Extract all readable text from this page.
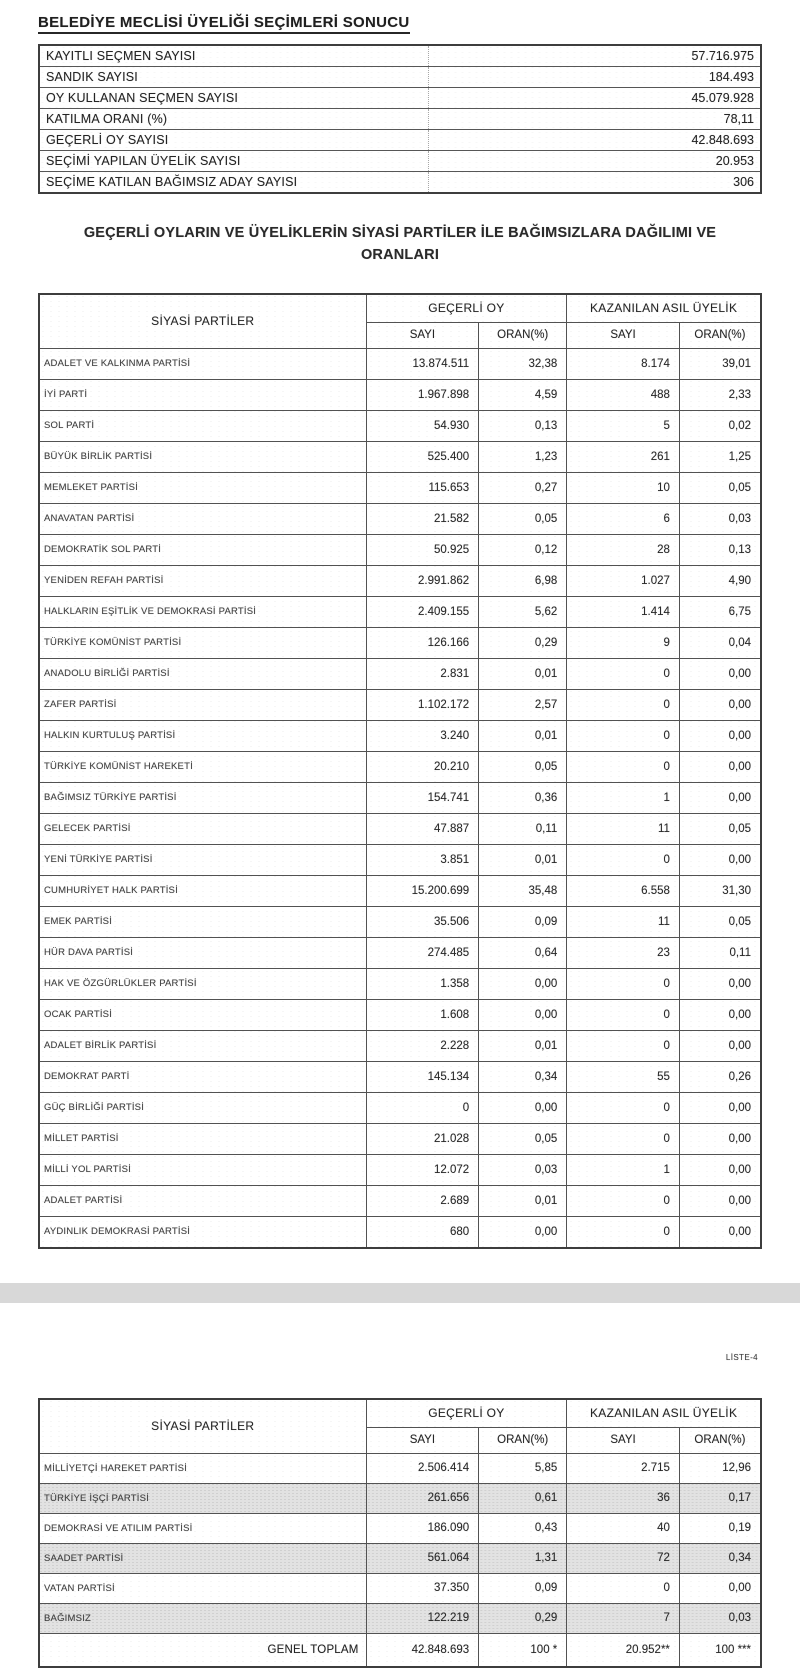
BELEDİYE MECLİSİ ÜYELİĞİ SEÇİMLERİ SONUCU
KAYITLI SEÇMEN SAYISI	57.716.975
SANDIK SAYISI	184.493
OY KULLANAN SEÇMEN SAYISI	45.079.928
KATILMA ORANI (%)	78,11
GEÇERLİ OY SAYISI	42.848.693
SEÇİMİ YAPILAN ÜYELİK SAYISI	20.953
SEÇİME KATILAN BAĞIMSIZ ADAY SAYISI	306
GEÇERLİ OYLARIN VE ÜYELİKLERİN SİYASİ PARTİLER İLE BAĞIMSIZLARA DAĞILIMI VE
ORANLARI
SİYASİ PARTİLER	GEÇERLİ OY		KAZANILAN ASIL ÜYELİK	
	SAYI	ORAN(%)	SAYI	ORAN(%)
ADALET VE KALKINMA PARTİSİ	13.874.511	32,38	8.174	39,01
İYİ PARTİ	1.967.898	4,59	488	2,33
SOL PARTİ	54.930	0,13	5	0,02
BÜYÜK BİRLİK PARTİSİ	525.400	1,23	261	1,25
MEMLEKET PARTİSİ	115.653	0,27	10	0,05
ANAVATAN PARTİSİ	21.582	0,05	6	0,03
DEMOKRATİK SOL PARTİ	50.925	0,12	28	0,13
YENİDEN REFAH PARTİSİ	2.991.862	6,98	1.027	4,90
HALKLARIN EŞİTLİK VE DEMOKRASİ PARTİSİ	2.409.155	5,62	1.414	6,75
TÜRKİYE KOMÜNİST PARTİSİ	126.166	0,29	9	0,04
ANADOLU BİRLİĞİ PARTİSİ	2.831	0,01	0	0,00
ZAFER PARTİSİ	1.102.172	2,57	0	0,00
HALKIN KURTULUŞ PARTİSİ	3.240	0,01	0	0,00
TÜRKİYE KOMÜNİST HAREKETİ	20.210	0,05	0	0,00
BAĞIMSIZ TÜRKİYE PARTİSİ	154.741	0,36	1	0,00
GELECEK PARTİSİ	47.887	0,11	11	0,05
YENİ TÜRKİYE PARTİSİ	3.851	0,01	0	0,00
CUMHURİYET HALK PARTİSİ	15.200.699	35,48	6.558	31,30
EMEK PARTİSİ	35.506	0,09	11	0,05
HÜR DAVA PARTİSİ	274.485	0,64	23	0,11
HAK VE ÖZGÜRLÜKLER PARTİSİ	1.358	0,00	0	0,00
OCAK PARTİSİ	1.608	0,00	0	0,00
ADALET BİRLİK PARTİSİ	2.228	0,01	0	0,00
DEMOKRAT PARTİ	145.134	0,34	55	0,26
GÜÇ BİRLİĞİ PARTİSİ	0	0,00	0	0,00
MİLLET PARTİSİ	21.028	0,05	0	0,00
MİLLİ YOL PARTİSİ	12.072	0,03	1	0,00
ADALET PARTİSİ	2.689	0,01	0	0,00
AYDINLIK DEMOKRASİ PARTİSİ	680	0,00	0	0,00
LİSTE-4
SİYASİ PARTİLER	GEÇERLİ OY		KAZANILAN ASIL ÜYELİK	
	SAYI	ORAN(%)	SAYI	ORAN(%)
MİLLİYETÇİ HAREKET PARTİSİ	2.506.414	5,85	2.715	12,96
TÜRKİYE İŞÇİ PARTİSİ	261.656	0,61	36	0,17
DEMOKRASİ VE ATILIM PARTİSİ	186.090	0,43	40	0,19
SAADET PARTİSİ	561.064	1,31	72	0,34
VATAN PARTİSİ	37.350	0,09	0	0,00
BAĞIMSIZ	122.219	0,29	7	0,03
GENEL TOPLAM	42.848.693	100 *	20.952**	100 ***
